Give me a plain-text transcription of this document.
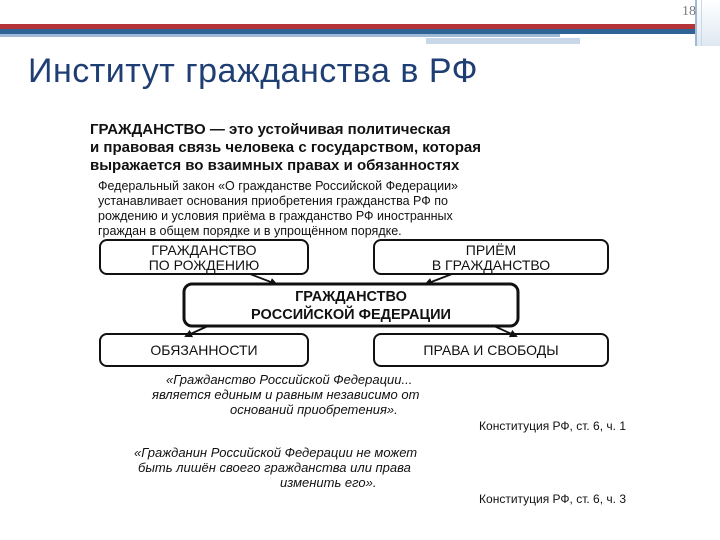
18
Институт гражданства в РФ
ГРАЖДАНСТВО — это устойчивая политическая
и правовая связь человека с государством, которая
выражается во взаимных правах и обязанностях
Федеральный закон «О гражданстве Российской Федерации»
устанавливает основания приобретения гражданства РФ по
рождению и условия приёма в гражданство РФ иностранных
граждан в общем порядке и в упрощённом порядке.
ГРАЖДАНСТВО
ПО РОЖДЕНИЮ
ПРИЁМ
В ГРАЖДАНСТВО
ГРАЖДАНСТВО
РОССИЙСКОЙ ФЕДЕРАЦИИ
ОБЯЗАННОСТИ	ПРАВА И СВОБОДЫ
«Гражданство Российской Федерации...
является единым и равным независимо от
оснований приобретения».
Конституция РФ, ст. 6, ч. 1
«Гражданин Российской Федерации не может
быть лишён своего гражданства или права
изменить его».
Конституция РФ, ст. 6, ч. 3
